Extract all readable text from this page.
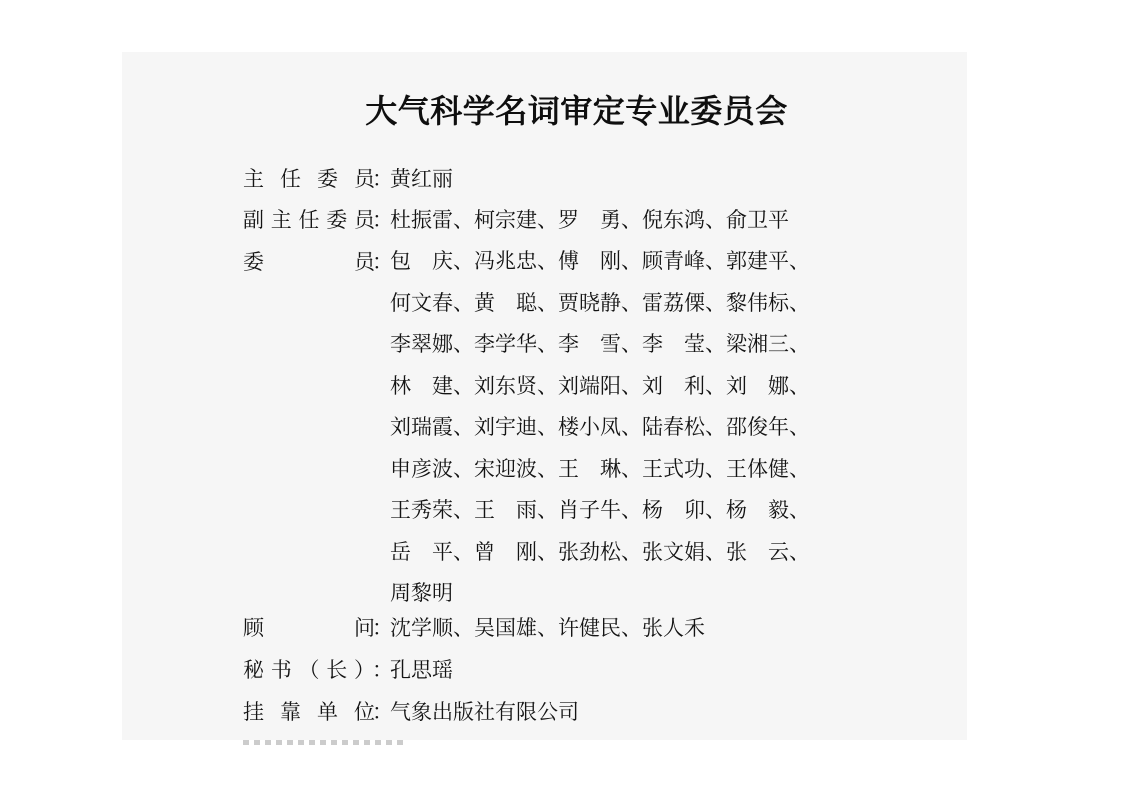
大气科学名词审定专业委员会
主 任 委 员
：
黄红丽
副 主 任 委 员
：
杜振雷、柯宗建、罗　勇、倪东鸿、俞卫平
委	员
：
包　庆、冯兆忠、傅　刚、顾青峰、郭建平、
何文春、黄　聪、贾晓静、雷荔傈、黎伟标、
李翠娜、李学华、李　雪、李　莹、梁湘三、
林　建、刘东贤、刘端阳、刘　利、刘　娜、
刘瑞霞、刘宇迪、楼小凤、陆春松、邵俊年、
申彦波、宋迎波、王　琳、王式功、王体健、
王秀荣、王　雨、肖子牛、杨　卯、杨　毅、
岳　平、曾　刚、张劲松、张文娟、张　云、
周黎明
顾	问
：
沈学顺、吴国雄、许健民、张人禾
秘 书 （ 长 ）
：
孔思瑶
挂 靠 单 位
：
气象出版社有限公司
